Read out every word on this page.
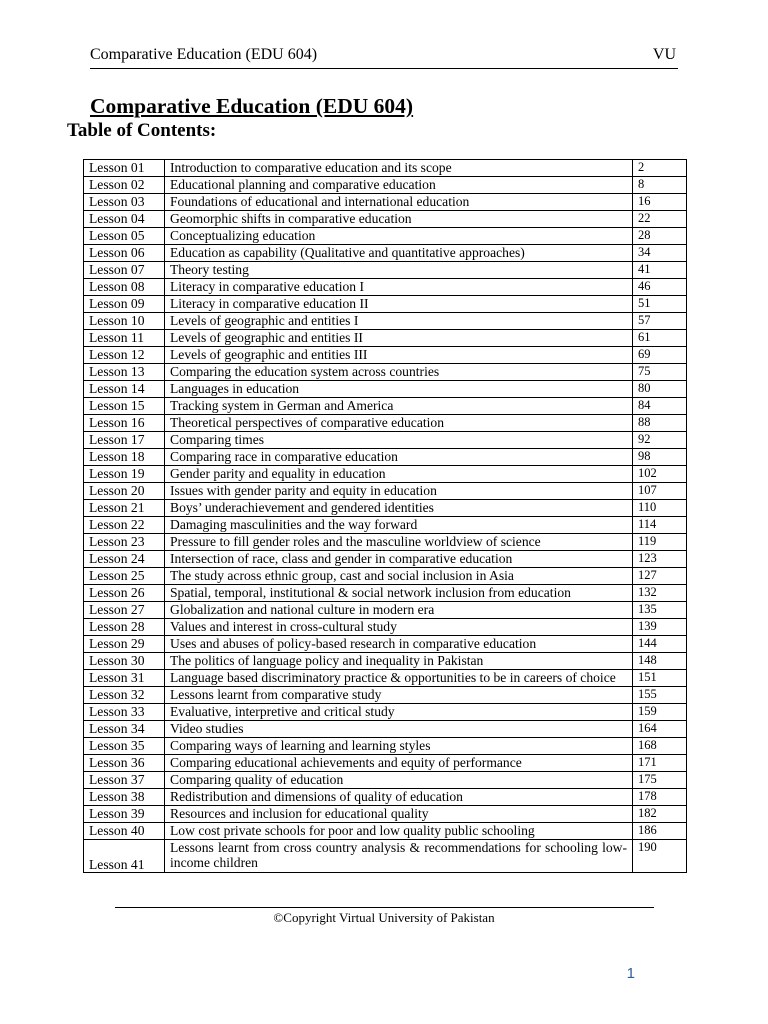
Comparative Education (EDU 604)	VU
Comparative Education (EDU 604)
Table of Contents:
Lesson 01	Introduction to comparative education and its scope	2
Lesson 02	Educational planning and comparative education	8
Lesson 03	Foundations of educational and international education	16
Lesson 04	Geomorphic shifts in comparative education	22
Lesson 05	Conceptualizing education	28
Lesson 06	Education as capability (Qualitative and quantitative approaches)	34
Lesson 07	Theory testing	41
Lesson 08	Literacy in comparative education I	46
Lesson 09	Literacy in comparative education II	51
Lesson 10	Levels of geographic and entities I	57
Lesson 11	Levels of geographic and entities II	61
Lesson 12	Levels of geographic and entities III	69
Lesson 13	Comparing the education system across countries	75
Lesson 14	Languages in education	80
Lesson 15	Tracking system in German and America	84
Lesson 16	Theoretical perspectives of comparative education	88
Lesson 17	Comparing times	92
Lesson 18	Comparing race in comparative education	98
Lesson 19	Gender parity and equality in education	102
Lesson 20	Issues with gender parity and equity in education	107
Lesson 21	Boys’ underachievement and gendered identities	110
Lesson 22	Damaging masculinities and the way forward	114
Lesson 23	Pressure to fill gender roles and the masculine worldview of science	119
Lesson 24	Intersection of race, class and gender in comparative education	123
Lesson 25	The study across ethnic group, cast and social inclusion in Asia	127
Lesson 26	Spatial, temporal, institutional & social network inclusion from education	132
Lesson 27	Globalization and national culture in modern era	135
Lesson 28	Values and interest in cross-cultural study	139
Lesson 29	Uses and abuses of policy-based research in comparative education	144
Lesson 30	The politics of language policy and inequality in Pakistan	148
Lesson 31	Language based discriminatory practice & opportunities to be in careers of choice	151
Lesson 32	Lessons learnt from comparative study	155
Lesson 33	Evaluative, interpretive and critical study	159
Lesson 34	Video studies	164
Lesson 35	Comparing ways of learning and learning styles	168
Lesson 36	Comparing educational achievements and equity of performance	171
Lesson 37	Comparing quality of education	175
Lesson 38	Redistribution and dimensions of quality of education	178
Lesson 39	Resources and inclusion for educational quality	182
Lesson 40	Low cost private schools for poor and low quality public schooling	186
Lesson 41	Lessons learnt from cross country analysis & recommendations for schooling low-income children	190
©Copyright Virtual University of Pakistan
1
